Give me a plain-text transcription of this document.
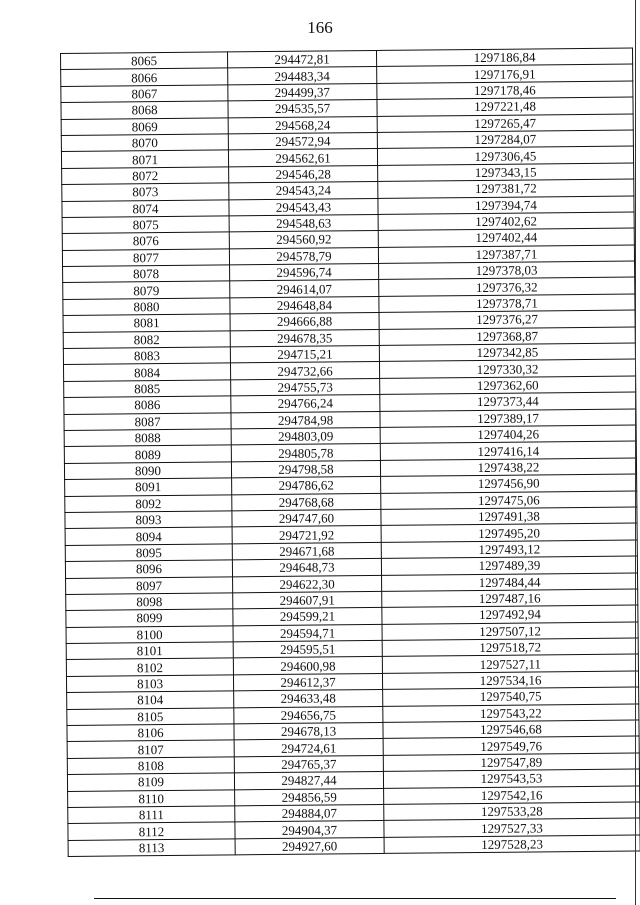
166
8065	294472,81	1297186,84
8066	294483,34	1297176,91
8067	294499,37	1297178,46
8068	294535,57	1297221,48
8069	294568,24	1297265,47
8070	294572,94	1297284,07
8071	294562,61	1297306,45
8072	294546,28	1297343,15
8073	294543,24	1297381,72
8074	294543,43	1297394,74
8075	294548,63	1297402,62
8076	294560,92	1297402,44
8077	294578,79	1297387,71
8078	294596,74	1297378,03
8079	294614,07	1297376,32
8080	294648,84	1297378,71
8081	294666,88	1297376,27
8082	294678,35	1297368,87
8083	294715,21	1297342,85
8084	294732,66	1297330,32
8085	294755,73	1297362,60
8086	294766,24	1297373,44
8087	294784,98	1297389,17
8088	294803,09	1297404,26
8089	294805,78	1297416,14
8090	294798,58	1297438,22
8091	294786,62	1297456,90
8092	294768,68	1297475,06
8093	294747,60	1297491,38
8094	294721,92	1297495,20
8095	294671,68	1297493,12
8096	294648,73	1297489,39
8097	294622,30	1297484,44
8098	294607,91	1297487,16
8099	294599,21	1297492,94
8100	294594,71	1297507,12
8101	294595,51	1297518,72
8102	294600,98	1297527,11
8103	294612,37	1297534,16
8104	294633,48	1297540,75
8105	294656,75	1297543,22
8106	294678,13	1297546,68
8107	294724,61	1297549,76
8108	294765,37	1297547,89
8109	294827,44	1297543,53
8110	294856,59	1297542,16
8111	294884,07	1297533,28
8112	294904,37	1297527,33
8113	294927,60	1297528,23
